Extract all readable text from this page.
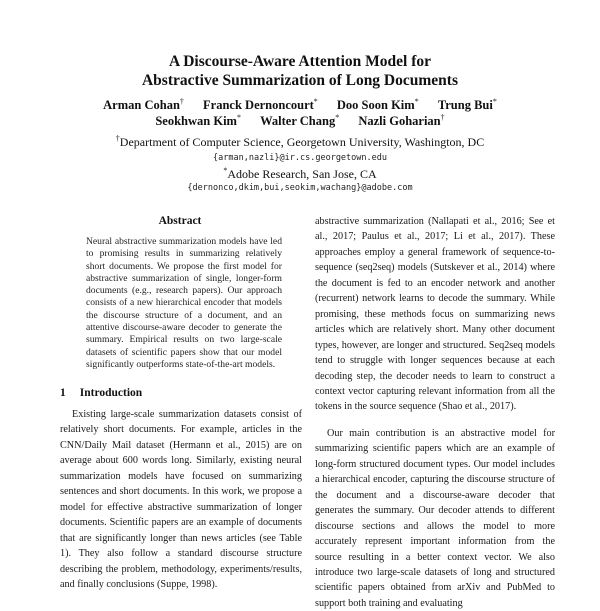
A Discourse-Aware Attention Model for
Abstractive Summarization of Long Documents
Arman Cohan† Franck Dernoncourt* Doo Soon Kim* Trung Bui*
Seokhwan Kim* Walter Chang* Nazli Goharian†
†Department of Computer Science, Georgetown University, Washington, DC
{arman,nazli}@ir.cs.georgetown.edu
*Adobe Research, San Jose, CA
{dernonco,dkim,bui,seokim,wachang}@adobe.com
Abstract
Neural abstractive summarization models have led to promising results in summarizing relatively short documents. We propose the first model for abstractive summarization of single, longer-form documents (e.g., research papers). Our approach consists of a new hierarchical encoder that models the discourse structure of a document, and an attentive discourse-aware decoder to generate the summary. Empirical results on two large-scale datasets of scientific papers show that our model significantly outperforms state-of-the-art models.
1 Introduction

Existing large-scale summarization datasets consist of relatively short documents. For example, articles in the CNN/Daily Mail dataset (Hermann et al., 2015) are on average about 600 words long. Similarly, existing neural summarization models have focused on summarizing sentences and short documents. In this work, we propose a model for effective abstractive summarization of longer documents. Scientific papers are an example of documents that are significantly longer than news articles (see Table 1). They also follow a standard discourse structure describing the problem, methodology, experiments/results, and finally conclusions (Suppe, 1998).

abstractive summarization (Nallapati et al., 2016; See et al., 2017; Paulus et al., 2017; Li et al., 2017). These approaches employ a general framework of sequence-to-sequence (seq2seq) models (Sutskever et al., 2014) where the document is fed to an encoder network and another (recurrent) network learns to decode the summary. While promising, these methods focus on summarizing news articles which are relatively short. Many other document types, however, are longer and structured. Seq2seq models tend to struggle with longer sequences because at each decoding step, the decoder needs to learn to construct a context vector capturing relevant information from all the tokens in the source sequence (Shao et al., 2017).

Our main contribution is an abstractive model for summarizing scientific papers which are an example of long-form structured document types. Our model includes a hierarchical encoder, capturing the discourse structure of the document and a discourse-aware decoder that generates the summary. Our decoder attends to different discourse sections and allows the model to more accurately represent important information from the source resulting in a better context vector. We also introduce two large-scale datasets of long and structured scientific papers obtained from arXiv and PubMed to support both training and evaluating
